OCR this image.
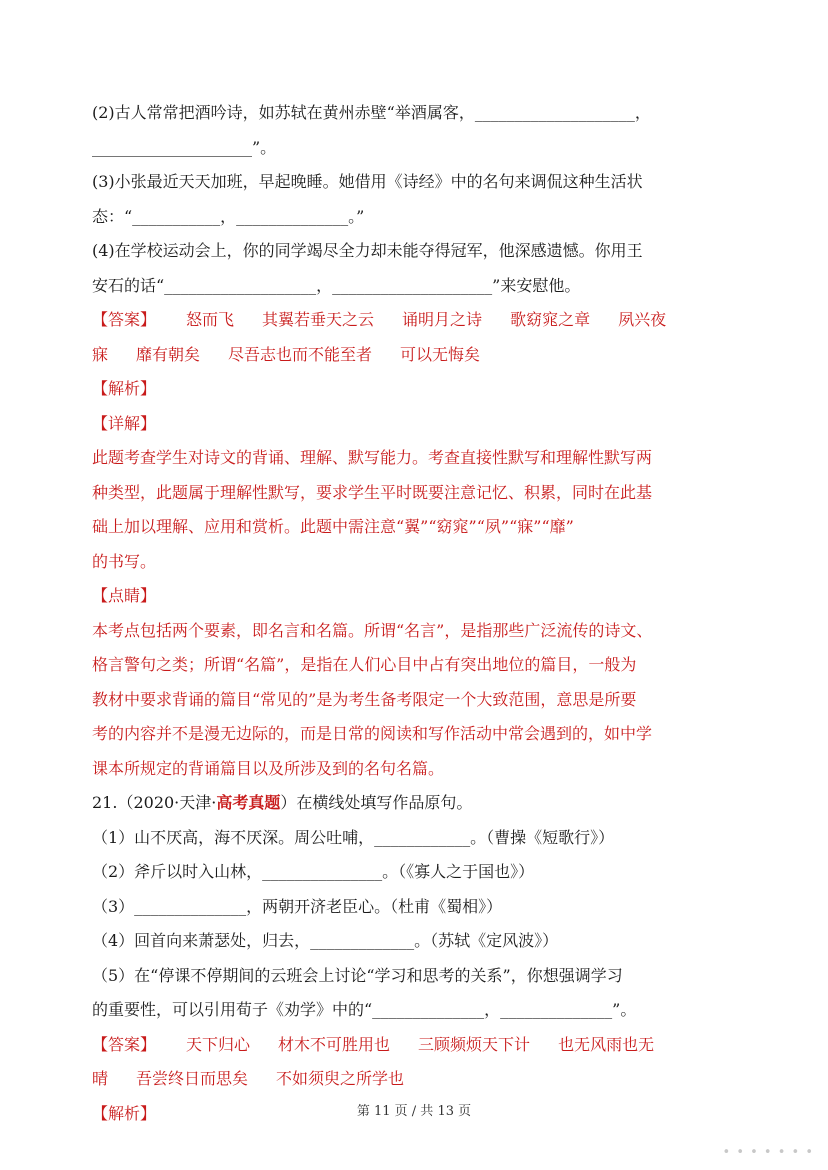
(2)古人常常把酒吟诗，如苏轼在黄州赤壁“举酒属客，____________________，

____________________”。

(3)小张最近天天加班，早起晚睡。她借用《诗经》中的名句来调侃这种生活状

态：“___________，______________。”

(4)在学校运动会上，你的同学竭尽全力却未能夺得冠军，他深感遗憾。你用王

安石的话“___________________，____________________”来安慰他。

【答案】 怒而飞 其翼若垂天之云 诵明月之诗 歌窈窕之章 夙兴夜

寐 靡有朝矣 尽吾志也而不能至者 可以无悔矣

【解析】

【详解】

此题考查学生对诗文的背诵、理解、默写能力。考查直接性默写和理解性默写两

种类型，此题属于理解性默写，要求学生平时既要注意记忆、积累，同时在此基

础上加以理解、应用和赏析。此题中需注意“翼”“窈窕”“夙”“寐”“靡”

的书写。

【点睛】

本考点包括两个要素，即名言和名篇。所谓“名言”，是指那些广泛流传的诗文、

格言警句之类；所谓“名篇”，是指在人们心目中占有突出地位的篇目，一般为

教材中要求背诵的篇目“常见的”是为考生备考限定一个大致范围，意思是所要

考的内容并不是漫无边际的，而是日常的阅读和写作活动中常会遇到的，如中学

课本所规定的背诵篇目以及所涉及到的名句名篇。

21.（2020·天津·高考真题）在横线处填写作品原句。

（1）山不厌高，海不厌深。周公吐哺，____________。（曹操《短歌行》）

（2）斧斤以时入山林，_______________。（《寡人之于国也》）

（3）______________，两朝开济老臣心。（杜甫《蜀相》）

（4）回首向来萧瑟处，归去，_____________。（苏轼《定风波》）

（5）在“停课不停期间的云班会上讨论“学习和思考的关系”，你想强调学习

的重要性，可以引用荀子《劝学》中的“______________，______________”。

【答案】 天下归心 材木不可胜用也 三顾频烦天下计 也无风雨也无

晴 吾尝终日而思矣 不如须臾之所学也

【解析】	第 11 页 / 共 13 页
• • • • • • •
